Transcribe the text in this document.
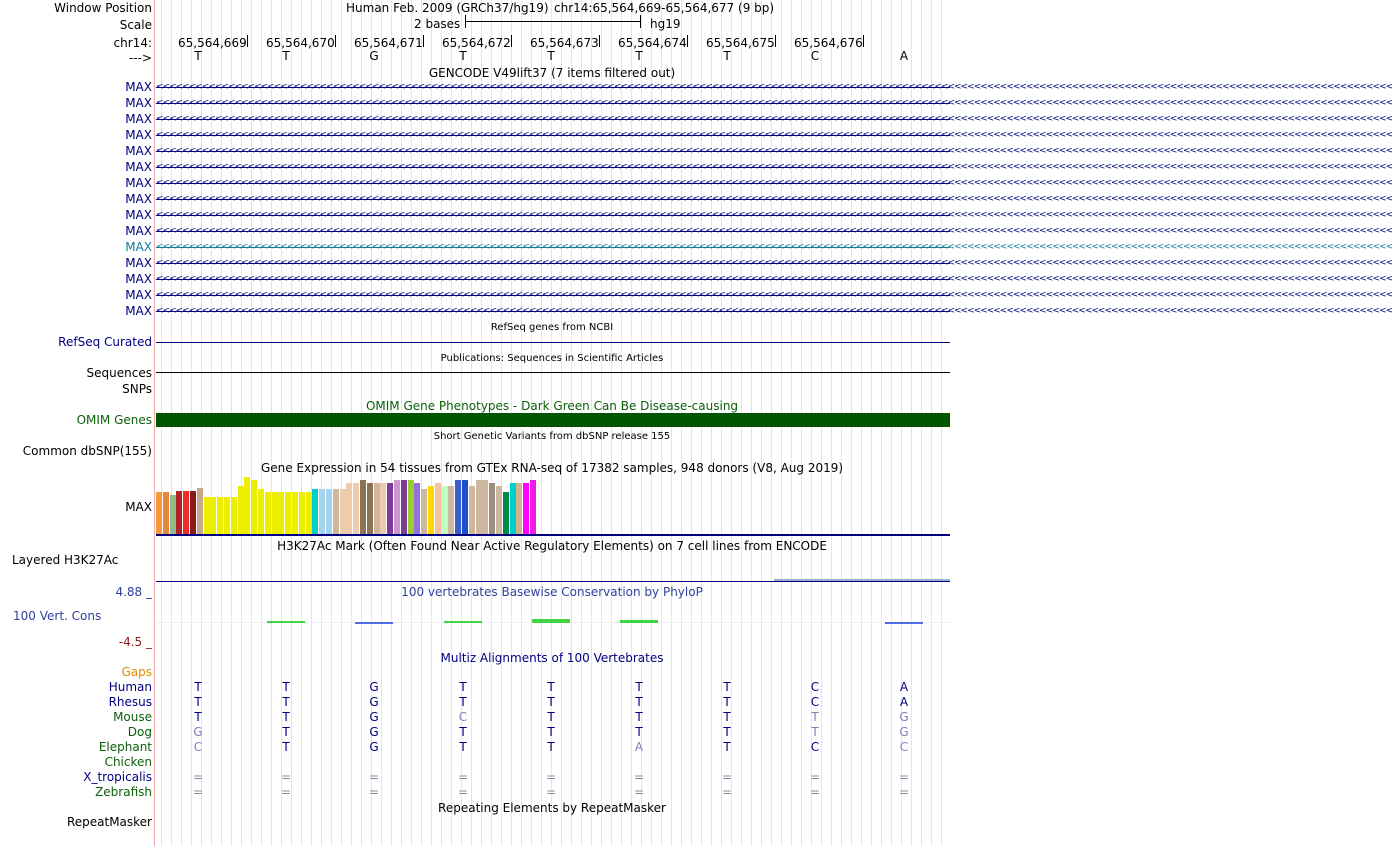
Window Position	Human Feb. 2009 (GRCh37/hg19) chr14:65,564,669-65,564,677 (9 bp)
Scale	2 bases	hg19
chr14: 65,564,669 65,564,670 65,564,671 65,564,672 65,564,673 65,564,674 65,564,675 65,564,676
--->	T	T	G	T	T	T	T	C	A
GENCODE V49lift37 (7 items filtered out)
MAX <<<<<<<<<<<<<<<<<<<<<<<<<<<<<<<<<<<<<<<<<<<<<<<<<<<<<<<<<<<<<<<<<<<<<<<<<<<<<<<<<<<<<<<<<<<<<<<<<<<<<<<<<<<<<<<<<<<<<<<<<<<<<<<<<<<<<<<<<<<<<<<<<<<<<<<<<<<<<<<<<<<<<<<<<<<<<<<<<<<<<<<<<<<<<
MAX <<<<<<<<<<<<<<<<<<<<<<<<<<<<<<<<<<<<<<<<<<<<<<<<<<<<<<<<<<<<<<<<<<<<<<<<<<<<<<<<<<<<<<<<<<<<<<<<<<<<<<<<<<<<<<<<<<<<<<<<<<<<<<<<<<<<<<<<<<<<<<<<<<<<<<<<<<<<<<<<<<<<<<<<<<<<<<<<<<<<<<<<<<<<<
MAX <<<<<<<<<<<<<<<<<<<<<<<<<<<<<<<<<<<<<<<<<<<<<<<<<<<<<<<<<<<<<<<<<<<<<<<<<<<<<<<<<<<<<<<<<<<<<<<<<<<<<<<<<<<<<<<<<<<<<<<<<<<<<<<<<<<<<<<<<<<<<<<<<<<<<<<<<<<<<<<<<<<<<<<<<<<<<<<<<<<<<<<<<<<<<
MAX <<<<<<<<<<<<<<<<<<<<<<<<<<<<<<<<<<<<<<<<<<<<<<<<<<<<<<<<<<<<<<<<<<<<<<<<<<<<<<<<<<<<<<<<<<<<<<<<<<<<<<<<<<<<<<<<<<<<<<<<<<<<<<<<<<<<<<<<<<<<<<<<<<<<<<<<<<<<<<<<<<<<<<<<<<<<<<<<<<<<<<<<<<<<<
MAX <<<<<<<<<<<<<<<<<<<<<<<<<<<<<<<<<<<<<<<<<<<<<<<<<<<<<<<<<<<<<<<<<<<<<<<<<<<<<<<<<<<<<<<<<<<<<<<<<<<<<<<<<<<<<<<<<<<<<<<<<<<<<<<<<<<<<<<<<<<<<<<<<<<<<<<<<<<<<<<<<<<<<<<<<<<<<<<<<<<<<<<<<<<<<
MAX <<<<<<<<<<<<<<<<<<<<<<<<<<<<<<<<<<<<<<<<<<<<<<<<<<<<<<<<<<<<<<<<<<<<<<<<<<<<<<<<<<<<<<<<<<<<<<<<<<<<<<<<<<<<<<<<<<<<<<<<<<<<<<<<<<<<<<<<<<<<<<<<<<<<<<<<<<<<<<<<<<<<<<<<<<<<<<<<<<<<<<<<<<<<<
MAX <<<<<<<<<<<<<<<<<<<<<<<<<<<<<<<<<<<<<<<<<<<<<<<<<<<<<<<<<<<<<<<<<<<<<<<<<<<<<<<<<<<<<<<<<<<<<<<<<<<<<<<<<<<<<<<<<<<<<<<<<<<<<<<<<<<<<<<<<<<<<<<<<<<<<<<<<<<<<<<<<<<<<<<<<<<<<<<<<<<<<<<<<<<<<
MAX <<<<<<<<<<<<<<<<<<<<<<<<<<<<<<<<<<<<<<<<<<<<<<<<<<<<<<<<<<<<<<<<<<<<<<<<<<<<<<<<<<<<<<<<<<<<<<<<<<<<<<<<<<<<<<<<<<<<<<<<<<<<<<<<<<<<<<<<<<<<<<<<<<<<<<<<<<<<<<<<<<<<<<<<<<<<<<<<<<<<<<<<<<<<<
MAX <<<<<<<<<<<<<<<<<<<<<<<<<<<<<<<<<<<<<<<<<<<<<<<<<<<<<<<<<<<<<<<<<<<<<<<<<<<<<<<<<<<<<<<<<<<<<<<<<<<<<<<<<<<<<<<<<<<<<<<<<<<<<<<<<<<<<<<<<<<<<<<<<<<<<<<<<<<<<<<<<<<<<<<<<<<<<<<<<<<<<<<<<<<<<
MAX <<<<<<<<<<<<<<<<<<<<<<<<<<<<<<<<<<<<<<<<<<<<<<<<<<<<<<<<<<<<<<<<<<<<<<<<<<<<<<<<<<<<<<<<<<<<<<<<<<<<<<<<<<<<<<<<<<<<<<<<<<<<<<<<<<<<<<<<<<<<<<<<<<<<<<<<<<<<<<<<<<<<<<<<<<<<<<<<<<<<<<<<<<<<<
MAX <<<<<<<<<<<<<<<<<<<<<<<<<<<<<<<<<<<<<<<<<<<<<<<<<<<<<<<<<<<<<<<<<<<<<<<<<<<<<<<<<<<<<<<<<<<<<<<<<<<<<<<<<<<<<<<<<<<<<<<<<<<<<<<<<<<<<<<<<<<<<<<<<<<<<<<<<<<<<<<<<<<<<<<<<<<<<<<<<<<<<<<<<<<<<
MAX <<<<<<<<<<<<<<<<<<<<<<<<<<<<<<<<<<<<<<<<<<<<<<<<<<<<<<<<<<<<<<<<<<<<<<<<<<<<<<<<<<<<<<<<<<<<<<<<<<<<<<<<<<<<<<<<<<<<<<<<<<<<<<<<<<<<<<<<<<<<<<<<<<<<<<<<<<<<<<<<<<<<<<<<<<<<<<<<<<<<<<<<<<<<<
MAX <<<<<<<<<<<<<<<<<<<<<<<<<<<<<<<<<<<<<<<<<<<<<<<<<<<<<<<<<<<<<<<<<<<<<<<<<<<<<<<<<<<<<<<<<<<<<<<<<<<<<<<<<<<<<<<<<<<<<<<<<<<<<<<<<<<<<<<<<<<<<<<<<<<<<<<<<<<<<<<<<<<<<<<<<<<<<<<<<<<<<<<<<<<<<
MAX <<<<<<<<<<<<<<<<<<<<<<<<<<<<<<<<<<<<<<<<<<<<<<<<<<<<<<<<<<<<<<<<<<<<<<<<<<<<<<<<<<<<<<<<<<<<<<<<<<<<<<<<<<<<<<<<<<<<<<<<<<<<<<<<<<<<<<<<<<<<<<<<<<<<<<<<<<<<<<<<<<<<<<<<<<<<<<<<<<<<<<<<<<<<<
MAX <<<<<<<<<<<<<<<<<<<<<<<<<<<<<<<<<<<<<<<<<<<<<<<<<<<<<<<<<<<<<<<<<<<<<<<<<<<<<<<<<<<<<<<<<<<<<<<<<<<<<<<<<<<<<<<<<<<<<<<<<<<<<<<<<<<<<<<<<<<<<<<<<<<<<<<<<<<<<<<<<<<<<<<<<<<<<<<<<<<<<<<<<<<<<
RefSeq genes from NCBI
RefSeq Curated
Publications: Sequences in Scientific Articles
Sequences
SNPs
OMIM Gene Phenotypes - Dark Green Can Be Disease-causing
OMIM Genes
Short Genetic Variants from dbSNP release 155
Common dbSNP(155)
Gene Expression in 54 tissues from GTEx RNA-seq of 17382 samples, 948 donors (V8, Aug 2019)
MAX
H3K27Ac Mark (Often Found Near Active Regulatory Elements) on 7 cell lines from ENCODE
Layered H3K27Ac
100 vertebrates Basewise Conservation by PhyloP
4.88 _
100 Vert. Cons
-4.5 _
Multiz Alignments of 100 Vertebrates
Gaps
Human	T	T	G	T	T	T	T	C	A
Rhesus	T	T	G	T	T	T	T	C	A
Mouse	T	T	G	C	T	T	T	T	G
Dog	G	T	G	T	T	T	T	T	G
Elephant	C	T	G	T	T	A	T	C	C
Chicken
X_tropicalis	=	=	=	=	=	=	=	=	=
Zebrafish	=	=	=	=	=	=	=	=	=
Repeating Elements by RepeatMasker
RepeatMasker
